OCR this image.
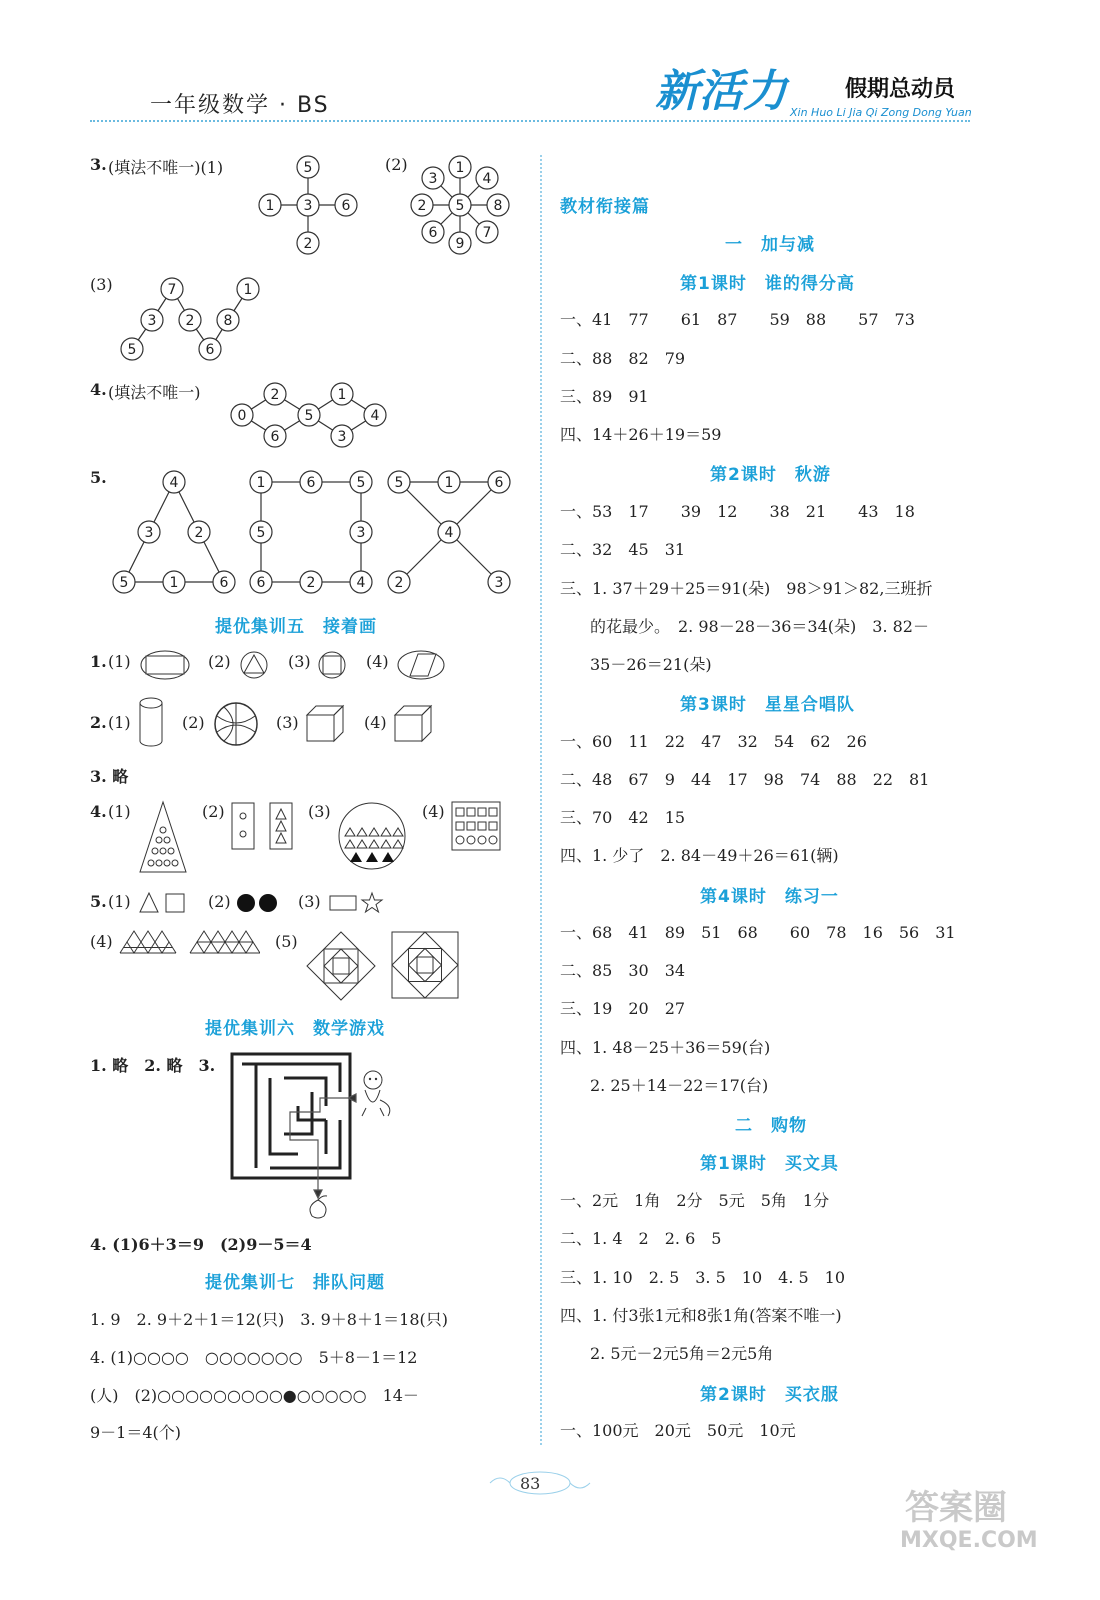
一年级数学 · BS	新活力	假期总动员
Xin Huo Li Jia Qi Zong Dong Yuan
3. (填法不唯一)(1)	(2)
(3)
5
1 3 6
2
1
3	4
2 5 8
6	7
9
7	1
3 2 8
5	6
4. (填法不唯一)	2	1
0	5	4
6	3
5.	4
3	2
5	1	6
1	6	5
5	3
6	2	4
5	1	6
4
2	3
提优集训五　接着画
1. (1)	(2)	(3)	(4)
2. (1)	(2)	(3)	(4)
3. 略
4. (1)	(2)	(3)	(4)
5. (1)	(2)	(3)
(4)	(5)
提优集训六　数学游戏
1. 略　2. 略　3.
4. (1)6＋3＝9　(2)9－5＝4
提优集训七　排队问题
1. 9　2. 9＋2＋1＝12(只)　3. 9＋8＋1＝18(只)
4. (1)○○○○　○○○○○○○　5＋8－1＝12
(人)　(2)○○○○○○○○○●○○○○○　14－
9－1＝4(个)
教材衔接篇
一　加与减
第1课时　谁的得分高
一、41　77　　61　87　　59　88　　57　73
二、88　82　79
三、89　91
四、14＋26＋19＝59
第2课时　秋游
一、53　17　　39　12　　38　21　　43　18
二、32　45　31
三、1. 37＋29＋25＝91(朵)　98＞91＞82,三班折
的花最少。　2. 98－28－36＝34(朵)　3. 82－
35－26＝21(朵)
第3课时　星星合唱队
一、60　11　22　47　32　54　62　26
二、48　67　9　44　17　98　74　88　22　81
三、70　42　15
四、1. 少了　2. 84－49＋26＝61(辆)
第4课时　练习一
一、68　41　89　51　68　　60　78　16　56　31
二、85　30　34
三、19　20　27
四、1. 48－25＋36＝59(台)
2. 25＋14－22＝17(台)
二　购物
第1课时　买文具
一、2元　1角　2分　5元　5角　1分
二、1. 4　2　2. 6　5
三、1. 10　2. 5　3. 5　10　4. 5　10
四、1. 付3张1元和8张1角(答案不唯一)
2. 5元－2元5角＝2元5角
第2课时　买衣服
一、100元　20元　50元　10元
83
答案圈
MXQE.COM
